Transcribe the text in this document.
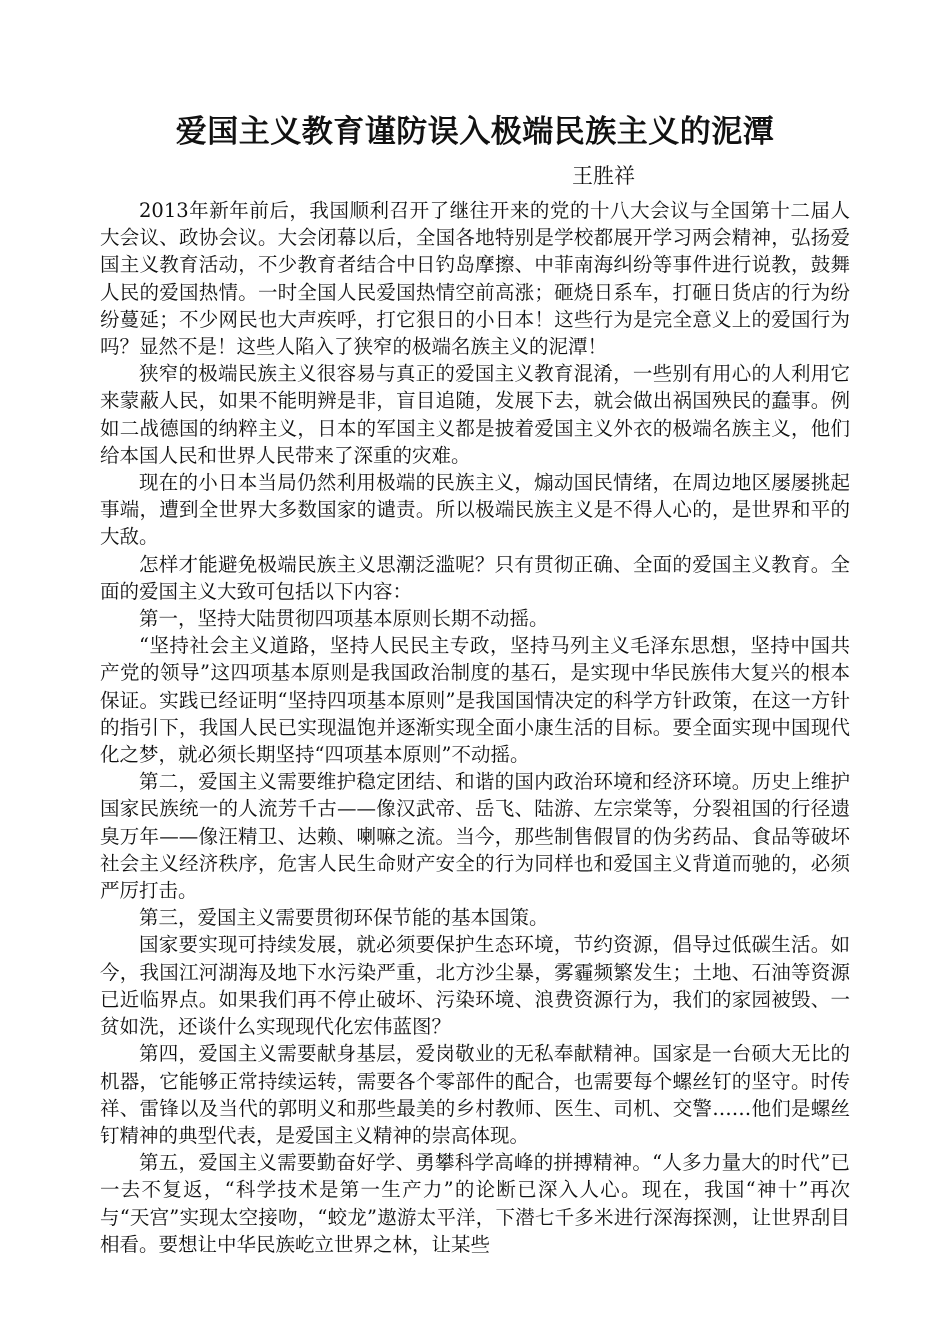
爱国主义教育谨防误入极端民族主义的泥潭

王胜祥

2013年新年前后，我国顺利召开了继往开来的党的十八大会议与全国第十二届人大会议、政协会议。大会闭幕以后，全国各地特别是学校都展开学习两会精神，弘扬爱国主义教育活动，不少教育者结合中日钓岛摩擦、中菲南海纠纷等事件进行说教，鼓舞人民的爱国热情。一时全国人民爱国热情空前高涨；砸烧日系车，打砸日货店的行为纷纷蔓延；不少网民也大声疾呼，打它狠日的小日本！这些行为是完全意义上的爱国行为吗？显然不是！这些人陷入了狭窄的极端名族主义的泥潭！

狭窄的极端民族主义很容易与真正的爱国主义教育混淆，一些别有用心的人利用它来蒙蔽人民，如果不能明辨是非，盲目追随，发展下去，就会做出祸国殃民的蠢事。例如二战德国的纳粹主义，日本的军国主义都是披着爱国主义外衣的极端名族主义，他们给本国人民和世界人民带来了深重的灾难。

现在的小日本当局仍然利用极端的民族主义，煽动国民情绪，在周边地区屡屡挑起事端，遭到全世界大多数国家的谴责。所以极端民族主义是不得人心的，是世界和平的大敌。

怎样才能避免极端民族主义思潮泛滥呢？只有贯彻正确、全面的爱国主义教育。全面的爱国主义大致可包括以下内容：

第一，坚持大陆贯彻四项基本原则长期不动摇。

“坚持社会主义道路，坚持人民民主专政，坚持马列主义毛泽东思想，坚持中国共产党的领导”这四项基本原则是我国政治制度的基石，是实现中华民族伟大复兴的根本保证。实践已经证明“坚持四项基本原则”是我国国情决定的科学方针政策，在这一方针的指引下，我国人民已实现温饱并逐渐实现全面小康生活的目标。要全面实现中国现代化之梦，就必须长期坚持“四项基本原则”不动摇。

第二，爱国主义需要维护稳定团结、和谐的国内政治环境和经济环境。历史上维护国家民族统一的人流芳千古——像汉武帝、岳飞、陆游、左宗棠等，分裂祖国的行径遗臭万年——像汪精卫、达赖、喇嘛之流。当今，那些制售假冒的伪劣药品、食品等破坏社会主义经济秩序，危害人民生命财产安全的行为同样也和爱国主义背道而驰的，必须严厉打击。

第三，爱国主义需要贯彻环保节能的基本国策。

国家要实现可持续发展，就必须要保护生态环境，节约资源，倡导过低碳生活。如今，我国江河湖海及地下水污染严重，北方沙尘暴，雾霾频繁发生；土地、石油等资源已近临界点。如果我们再不停止破坏、污染环境、浪费资源行为，我们的家园被毁、一贫如洗，还谈什么实现现代化宏伟蓝图？

第四，爱国主义需要献身基层，爱岗敬业的无私奉献精神。国家是一台硕大无比的机器，它能够正常持续运转，需要各个零部件的配合，也需要每个螺丝钉的坚守。时传祥、雷锋以及当代的郭明义和那些最美的乡村教师、医生、司机、交警……他们是螺丝钉精神的典型代表，是爱国主义精神的崇高体现。

第五，爱国主义需要勤奋好学、勇攀科学高峰的拼搏精神。“人多力量大的时代”已一去不复返，“科学技术是第一生产力”的论断已深入人心。现在，我国“神十”再次与“天宫”实现太空接吻，“蛟龙”遨游太平洋，下潜七千多米进行深海探测，让世界刮目相看。要想让中华民族屹立世界之林，让某些
